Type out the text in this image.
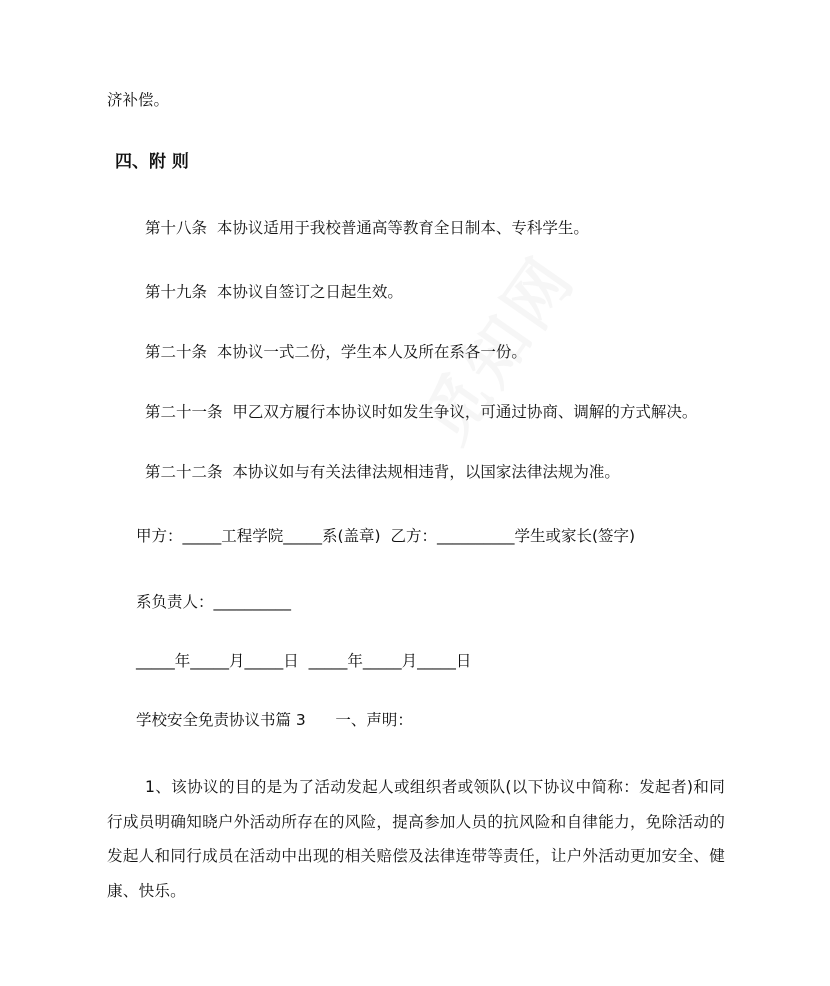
济补偿。
四、附 则
第十八条  本协议适用于我校普通高等教育全日制本、专科学生。
第十九条  本协议自签订之日起生效。
第二十条  本协议一式二份，学生本人及所在系各一份。
第二十一条  甲乙双方履行本协议时如发生争议，可通过协商、调解的方式解决。
第二十二条  本协议如与有关法律法规相违背，以国家法律法规为准。
甲方：_____工程学院_____系(盖章)  乙方：__________学生或家长(签字)
系负责人：__________
_____年_____月_____日  _____年_____月_____日
学校安全免责协议书篇 3      一、声明：
1、该协议的目的是为了活动发起人或组织者或领队(以下协议中简称：发起者)和同行成员明确知晓户外活动所存在的风险，提高参加人员的抗风险和自律能力，免除活动的发起人和同行成员在活动中出现的相关赔偿及法律连带等责任，让户外活动更加安全、健康、快乐。
